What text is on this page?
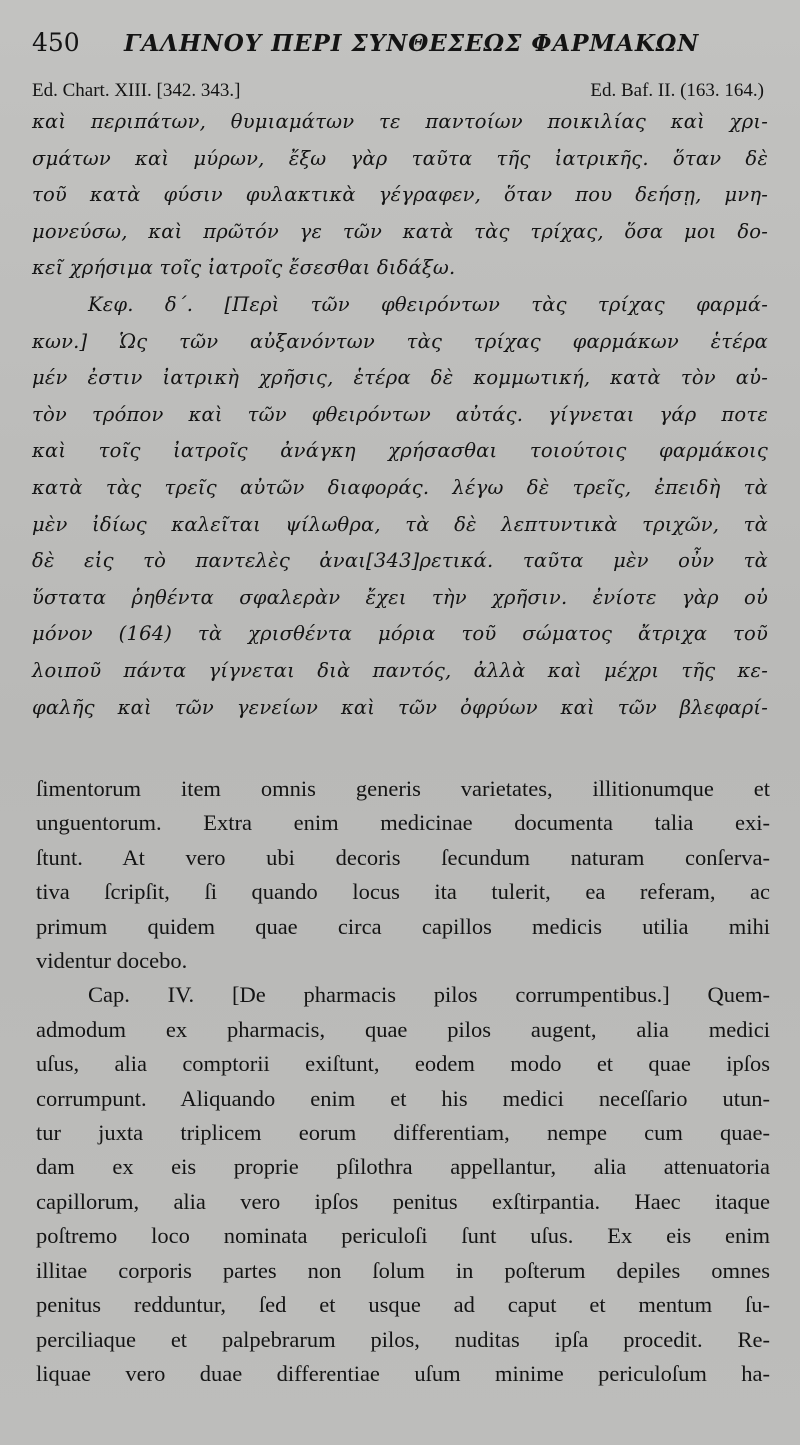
450	ΓΑΛΗΝΟΥ ΠΕΡΙ ΣΥΝΘΕΣΕΩΣ ΦΑΡΜΑΚΩΝ
Ed. Chart. XIII. [342. 343.]	Ed. Baf. II. (163. 164.)
καὶ περιπάτων, θυμιαμάτων τε παντοίων ποικιλίας καὶ χρι-
σμάτων καὶ μύρων, ἔξω γὰρ ταῦτα τῆς ἰατρικῆς. ὅταν δὲ
τοῦ κατὰ φύσιν φυλακτικὰ γέγραφεν, ὅταν που δεήσῃ, μνη-
μονεύσω, καὶ πρῶτόν γε τῶν κατὰ τὰς τρίχας, ὅσα μοι δο-
κεῖ χρήσιμα τοῖς ἰατροῖς ἔσεσθαι διδάξω.
Κεφ. δ΄. [Περὶ τῶν φθειρόντων τὰς τρίχας φαρμά-
κων.] Ὡς τῶν αὐξανόντων τὰς τρίχας φαρμάκων ἑτέρα
μέν ἐστιν ἰατρικὴ χρῆσις, ἑτέρα δὲ κομμωτική, κατὰ τὸν αὐ-
τὸν τρόπον καὶ τῶν φθειρόντων αὐτάς. γίγνεται γάρ ποτε
καὶ τοῖς ἰατροῖς ἀνάγκη χρήσασθαι τοιούτοις φαρμάκοις
κατὰ τὰς τρεῖς αὐτῶν διαφοράς. λέγω δὲ τρεῖς, ἐπειδὴ τὰ
μὲν ἰδίως καλεῖται ψίλωθρα, τὰ δὲ λεπτυντικὰ τριχῶν, τὰ
δὲ εἰς τὸ παντελὲς ἀναι[343]ρετικά. ταῦτα μὲν οὖν τὰ
ὕστατα ῥηθέντα σφαλερὰν ἔχει τὴν χρῆσιν. ἐνίοτε γὰρ οὐ
μόνον (164) τὰ χρισθέντα μόρια τοῦ σώματος ἄτριχα τοῦ
λοιποῦ πάντα γίγνεται διὰ παντός, ἀλλὰ καὶ μέχρι τῆς κε-
φαλῆς καὶ τῶν γενείων καὶ τῶν ὀφρύων καὶ τῶν βλεφαρί-
ſimentorum item omnis generis varietates, illitionumque et
unguentorum. Extra enim medicinae documenta talia exi-
ſtunt. At vero ubi decoris ſecundum naturam conſerva-
tiva ſcripſit, ſi quando locus ita tulerit, ea referam, ac
primum quidem quae circa capillos medicis utilia mihi
videntur docebo.
Cap. IV. [De pharmacis pilos corrumpentibus.] Quem-
admodum ex pharmacis, quae pilos augent, alia medici
uſus, alia comptorii exiſtunt, eodem modo et quae ipſos
corrumpunt. Aliquando enim et his medici neceſſario utun-
tur juxta triplicem eorum differentiam, nempe cum quae-
dam ex eis proprie pſilothra appellantur, alia attenuatoria
capillorum, alia vero ipſos penitus exſtirpantia. Haec itaque
poſtremo loco nominata periculoſi ſunt uſus. Ex eis enim
illitae corporis partes non ſolum in poſterum depiles omnes
penitus redduntur, ſed et usque ad caput et mentum ſu-
perciliaque et palpebrarum pilos, nuditas ipſa procedit. Re-
liquae vero duae differentiae uſum minime periculoſum ha-
